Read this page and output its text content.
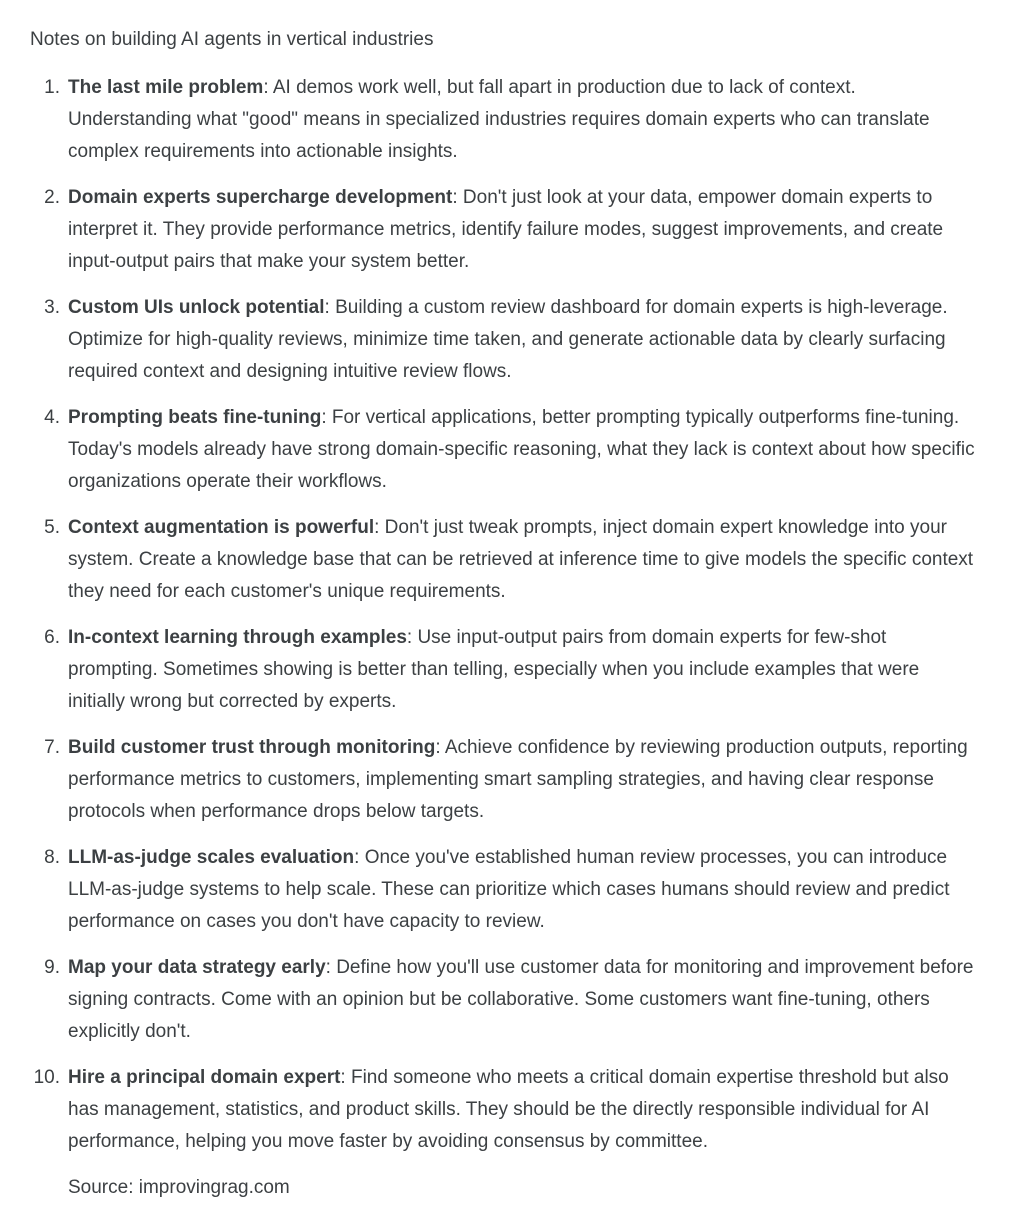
Notes on building AI agents in vertical industries

1. The last mile problem: AI demos work well, but fall apart in production due to lack of context. Understanding what "good" means in specialized industries requires domain experts who can translate complex requirements into actionable insights.
2. Domain experts supercharge development: Don't just look at your data, empower domain experts to interpret it. They provide performance metrics, identify failure modes, suggest improvements, and create input-output pairs that make your system better.
3. Custom UIs unlock potential: Building a custom review dashboard for domain experts is high-leverage. Optimize for high-quality reviews, minimize time taken, and generate actionable data by clearly surfacing required context and designing intuitive review flows.
4. Prompting beats fine-tuning: For vertical applications, better prompting typically outperforms fine-tuning. Today's models already have strong domain-specific reasoning, what they lack is context about how specific organizations operate their workflows.
5. Context augmentation is powerful: Don't just tweak prompts, inject domain expert knowledge into your system. Create a knowledge base that can be retrieved at inference time to give models the specific context they need for each customer's unique requirements.
6. In-context learning through examples: Use input-output pairs from domain experts for few-shot prompting. Sometimes showing is better than telling, especially when you include examples that were initially wrong but corrected by experts.
7. Build customer trust through monitoring: Achieve confidence by reviewing production outputs, reporting performance metrics to customers, implementing smart sampling strategies, and having clear response protocols when performance drops below targets.
8. LLM-as-judge scales evaluation: Once you've established human review processes, you can introduce LLM-as-judge systems to help scale. These can prioritize which cases humans should review and predict performance on cases you don't have capacity to review.
9. Map your data strategy early: Define how you'll use customer data for monitoring and improvement before signing contracts. Come with an opinion but be collaborative. Some customers want fine-tuning, others explicitly don't.
10. Hire a principal domain expert: Find someone who meets a critical domain expertise threshold but also has management, statistics, and product skills. They should be the directly responsible individual for AI performance, helping you move faster by avoiding consensus by committee.

Source: improvingrag.com
